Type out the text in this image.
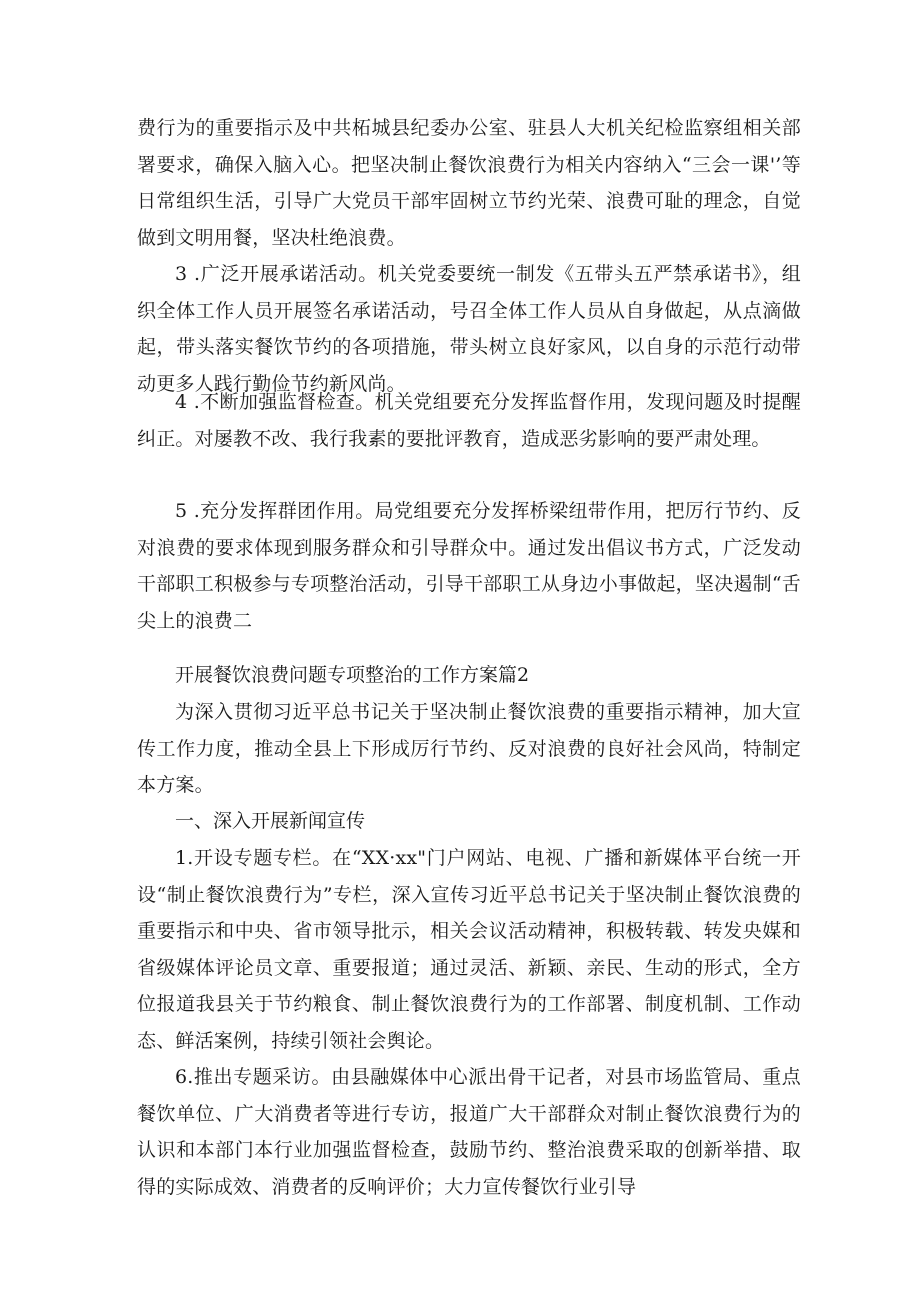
费行为的重要指示及中共柘城县纪委办公室、驻县人大机关纪检监察组相关部署要求，确保入脑入心。把坚决制止餐饮浪费行为相关内容纳入“三会一课'’等日常组织生活，引导广大党员干部牢固树立节约光荣、浪费可耻的理念，自觉做到文明用餐，坚决杜绝浪费。

3 .广泛开展承诺活动。机关党委要统一制发《五带头五严禁承诺书》，组织全体工作人员开展签名承诺活动，号召全体工作人员从自身做起，从点滴做起，带头落实餐饮节约的各项措施，带头树立良好家风，以自身的示范行动带动更多人践行勤俭节约新风尚。

4 .不断加强监督检查。机关党组要充分发挥监督作用，发现问题及时提醒纠正。对屡教不改、我行我素的要批评教育，造成恶劣影响的要严肃处理。

5 .充分发挥群团作用。局党组要充分发挥桥梁纽带作用，把厉行节约、反对浪费的要求体现到服务群众和引导群众中。通过发出倡议书方式，广泛发动干部职工积极参与专项整治活动，引导干部职工从身边小事做起，坚决遏制“舌尖上的浪费二

开展餐饮浪费问题专项整治的工作方案篇2

为深入贯彻习近平总书记关于坚决制止餐饮浪费的重要指示精神，加大宣传工作力度，推动全县上下形成厉行节约、反对浪费的良好社会风尚，特制定本方案。

一、深入开展新闻宣传

1.开设专题专栏。在“XX·xx"门户网站、电视、广播和新媒体平台统一开设“制止餐饮浪费行为”专栏，深入宣传习近平总书记关于坚决制止餐饮浪费的重要指示和中央、省市领导批示，相关会议活动精神，积极转载、转发央媒和省级媒体评论员文章、重要报道；通过灵活、新颖、亲民、生动的形式，全方位报道我县关于节约粮食、制止餐饮浪费行为的工作部署、制度机制、工作动态、鲜活案例，持续引领社会舆论。

6.推出专题采访。由县融媒体中心派出骨干记者，对县市场监管局、重点餐饮单位、广大消费者等进行专访，报道广大干部群众对制止餐饮浪费行为的认识和本部门本行业加强监督检查，鼓励节约、整治浪费采取的创新举措、取得的实际成效、消费者的反响评价；大力宣传餐饮行业引导
